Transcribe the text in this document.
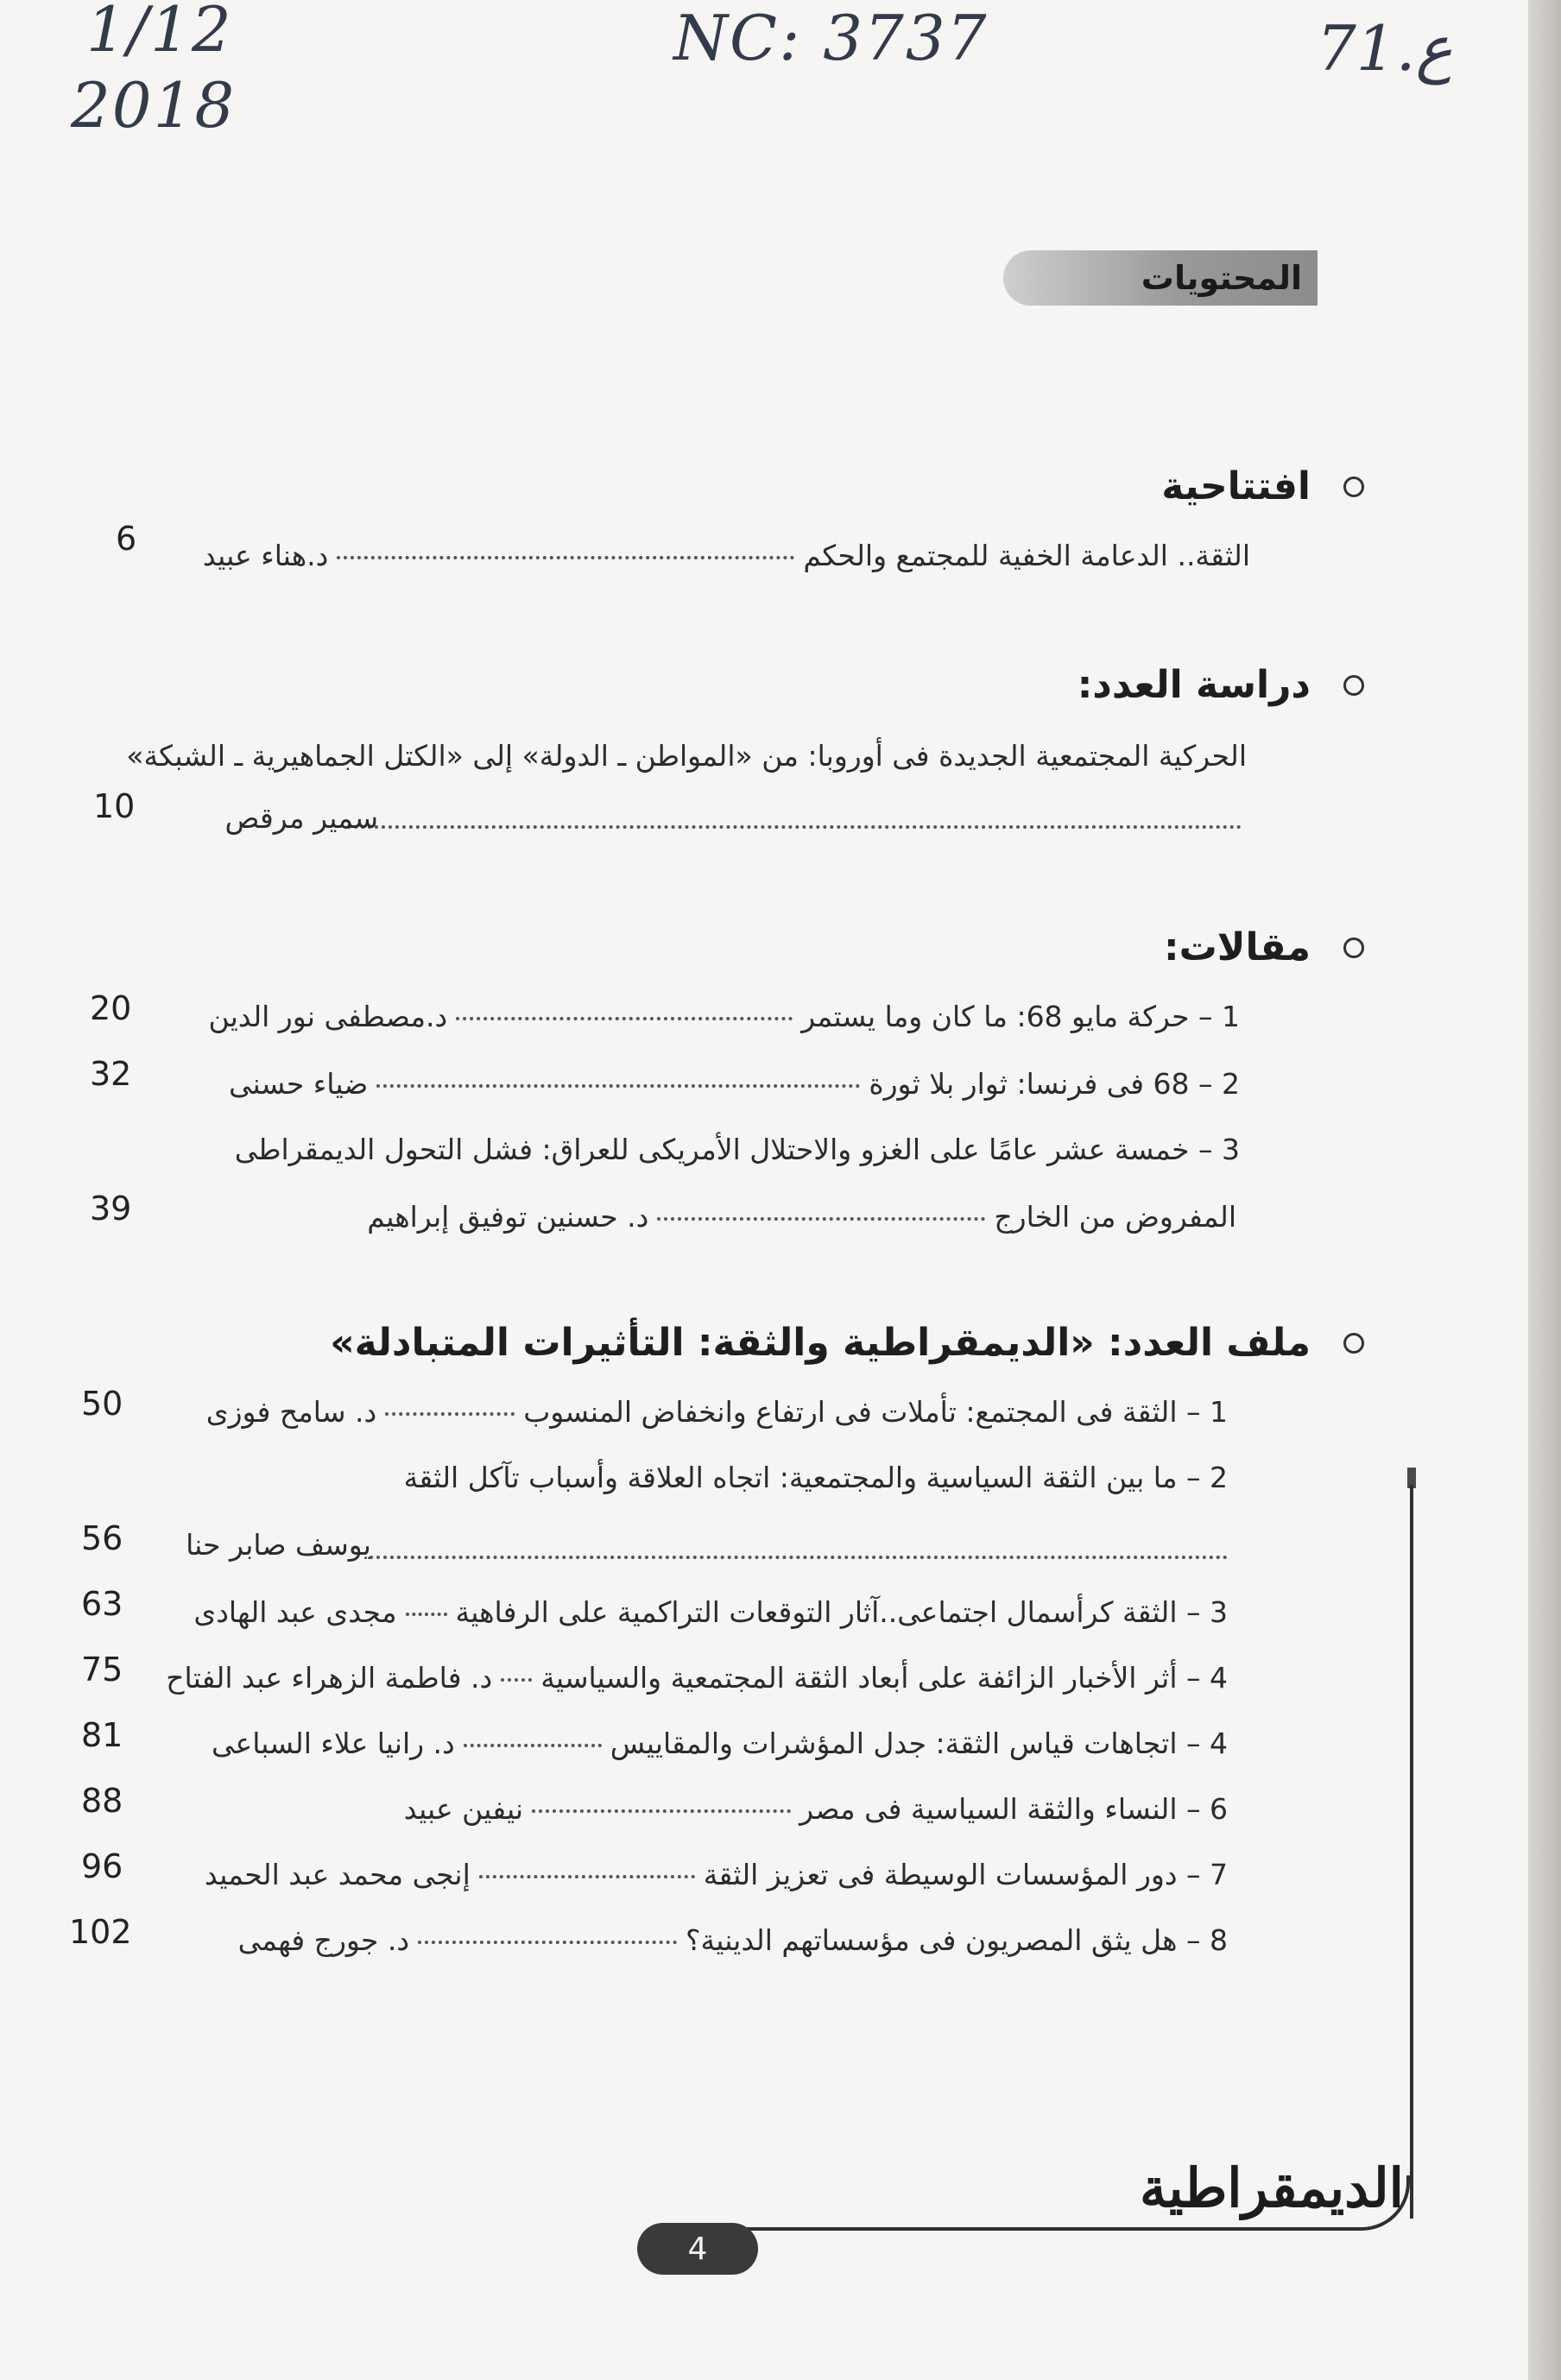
1/12
2018
NC: 3737	71.ع
المحتويات
افتتاحية
الثقة.. الدعامة الخفية للمجتمع والحكمد.هناء عبيد
6
دراسة العدد:
الحركية المجتمعية الجديدة فى أوروبا: من «المواطن ـ الدولة» إلى «الكتل الجماهيرية ـ الشبكة»
سمير مرقص
10
مقالات:
1 – حركة مايو 68: ما كان وما يستمرد.مصطفى نور الدين
20
2 – 68 فى فرنسا: ثوار بلا ثورةضياء حسنى
32
3 – خمسة عشر عامًا على الغزو والاحتلال الأمريكى للعراق: فشل التحول الديمقراطى
المفروض من الخارجد. حسنين توفيق إبراهيم
39
ملف العدد: «الديمقراطية والثقة: التأثيرات المتبادلة»
1 – الثقة فى المجتمع: تأملات فى ارتفاع وانخفاض المنسوبد. سامح فوزى
50
2 – ما بين الثقة السياسية والمجتمعية: اتجاه العلاقة وأسباب تآكل الثقة
يوسف صابر حنا
56
3 – الثقة كرأسمال اجتماعى..آثار التوقعات التراكمية على الرفاهيةمجدى عبد الهادى
63
4 – أثر الأخبار الزائفة على أبعاد الثقة المجتمعية والسياسيةد. فاطمة الزهراء عبد الفتاح
75
4 – اتجاهات قياس الثقة: جدل المؤشرات والمقاييسد. رانيا علاء السباعى
81
6 – النساء والثقة السياسية فى مصرنيفين عبيد
88
7 – دور المؤسسات الوسيطة فى تعزيز الثقةإنجى محمد عبد الحميد
96
8 – هل يثق المصريون فى مؤسساتهم الدينية؟د. جورج فهمى
102
الديمقراطية
4
